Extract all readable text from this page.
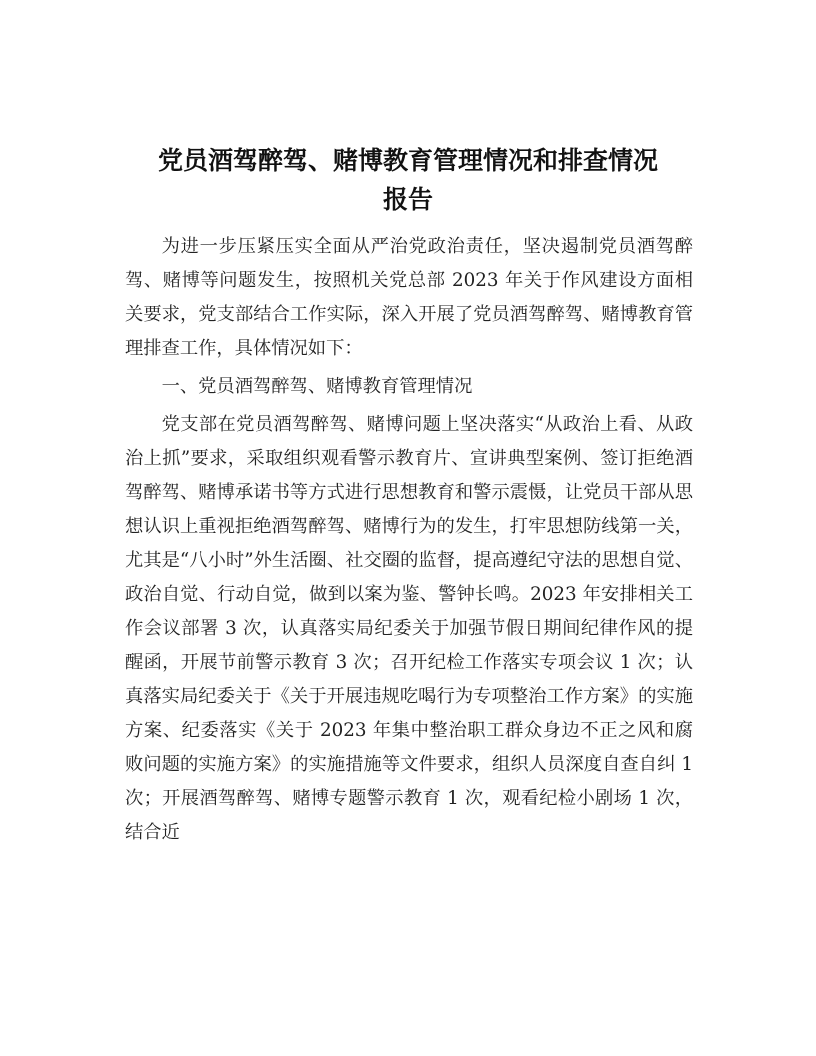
党员酒驾醉驾、赌博教育管理情况和排查情况
报告

为进一步压紧压实全面从严治党政治责任，坚决遏制党员酒驾醉驾、赌博等问题发生，按照机关党总部 2023 年关于作风建设方面相关要求，党支部结合工作实际，深入开展了党员酒驾醉驾、赌博教育管理排查工作，具体情况如下：

一、党员酒驾醉驾、赌博教育管理情况

党支部在党员酒驾醉驾、赌博问题上坚决落实“从政治上看、从政治上抓”要求，采取组织观看警示教育片、宣讲典型案例、签订拒绝酒驾醉驾、赌博承诺书等方式进行思想教育和警示震慑，让党员干部从思想认识上重视拒绝酒驾醉驾、赌博行为的发生，打牢思想防线第一关，尤其是“八小时”外生活圈、社交圈的监督，提高遵纪守法的思想自觉、政治自觉、行动自觉，做到以案为鉴、警钟长鸣。2023 年安排相关工作会议部署 3 次，认真落实局纪委关于加强节假日期间纪律作风的提醒函，开展节前警示教育 3 次；召开纪检工作落实专项会议 1 次；认真落实局纪委关于《关于开展违规吃喝行为专项整治工作方案》的实施方案、纪委落实《关于 2023 年集中整治职工群众身边不正之风和腐败问题的实施方案》的实施措施等文件要求，组织人员深度自查自纠 1 次；开展酒驾醉驾、赌博专题警示教育 1 次，观看纪检小剧场 1 次，结合近
